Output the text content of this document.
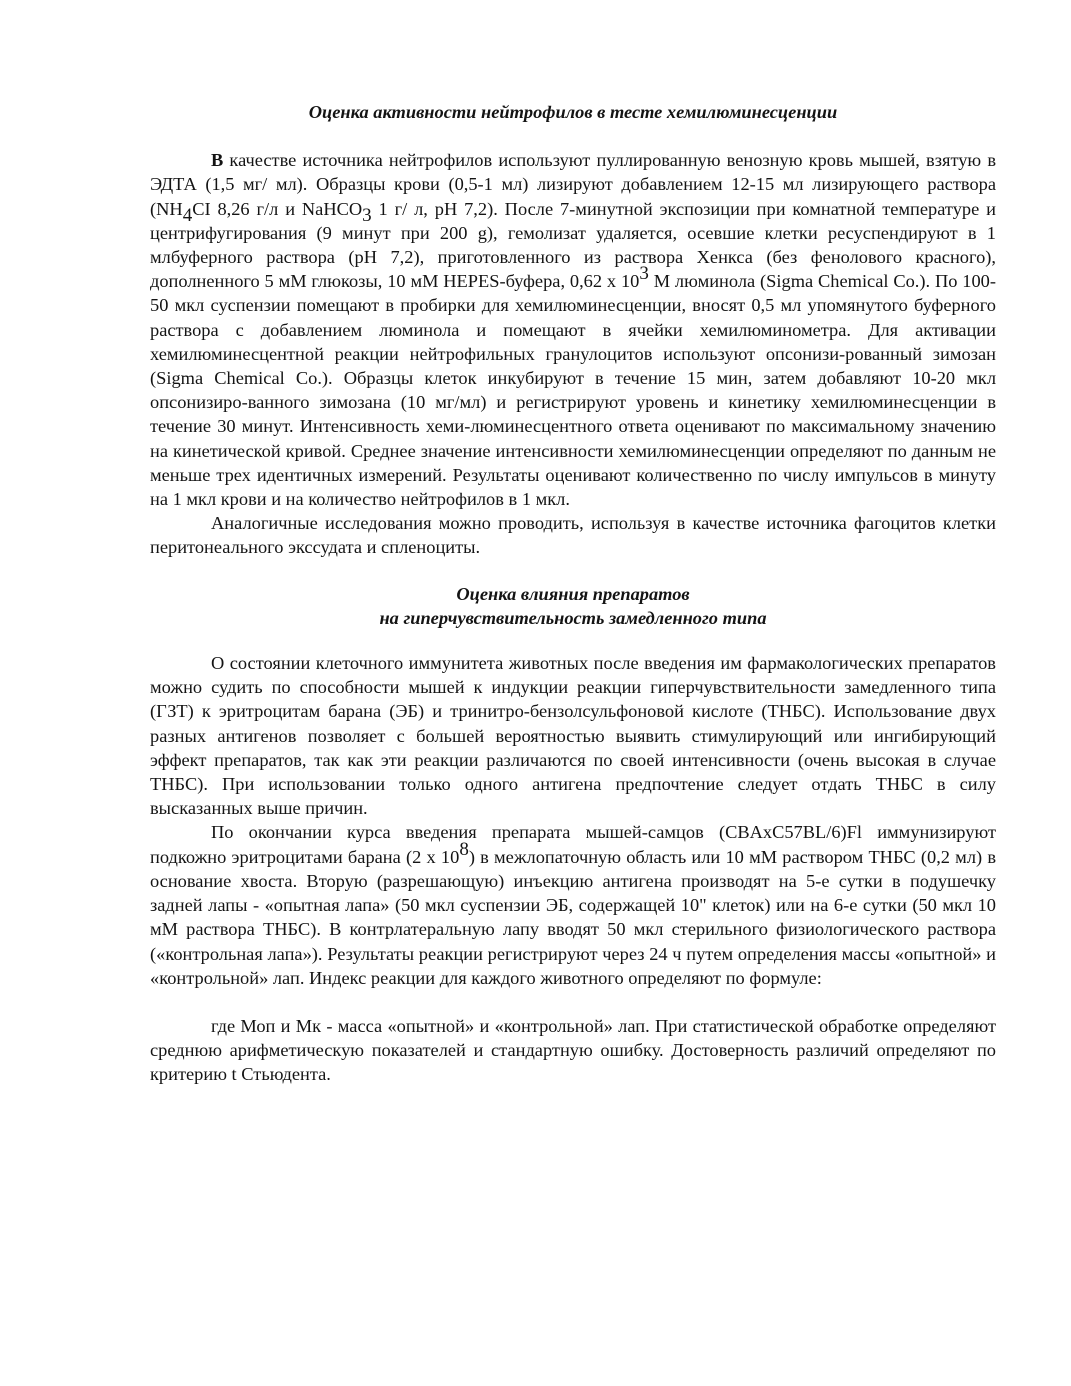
Оценка активности нейтрофилов в тесте хемилюминесценции

В качестве источника нейтрофилов используют пуллированную венозную кровь мышей, взятую в ЭДТА (1,5 мг/ мл). Образцы крови (0,5-1 мл) лизируют добавлением 12-15 мл лизирующего раствора ($NH_4CI$ 8,26 г/л и NaHCO$_3$ 1 г/ л, pH 7,2). После 7-минутной экспозиции при комнатной температуре и центрифугирования (9 минут при 200 g), гемолизат удаляется, осевшие клетки ресуспендируют в 1 млбуферного раствора (pH 7,2), приготовленного из раствора Хенкса (без фенолового красного), дополненного 5 мМ глюкозы, 10 мМ HEPES-буфера, 0,62 х $10^3$ М люминола (Sigma Chemical Co.). По 100-50 мкл суспензии помещают в пробирки для хемилюминесценции, вносят 0,5 мл упомянутого буферного раствора с добавлением люминола и помещают в ячейки хемилюминометра. Для активации хемилюминесцентной реакции нейтрофильных гранулоцитов используют опсонизи-рованный зимозан (Sigma Chemical Co.). Образцы клеток инкубируют в течение 15 мин, затем добавляют 10-20 мкл опсонизиро-ванного зимозана (10 мг/мл) и регистрируют уровень и кинетику хемилюминесценции в течение 30 минут. Интенсивность хеми-люминесцентного ответа оценивают по максимальному значению на кинетической кривой. Среднее значение интенсивности хемилюминесценции определяют по данным не меньше трех идентичных измерений. Результаты оценивают количественно по числу импульсов в минуту на 1 мкл крови и на количество нейтрофилов в 1 мкл.

Аналогичные исследования можно проводить, используя в качестве источника фагоцитов клетки перитонеального экссудата и спленоциты.

Оценка влияния препаратов
на гиперчувствительность замедленного типа

О состоянии клеточного иммунитета животных после введения им фармакологических препаратов можно судить по способности мышей к индукции реакции гиперчувствительности замедленного типа (ГЗТ) к эритроцитам барана (ЭБ) и тринитро-бензолсульфоновой кислоте (ТНБС). Использование двух разных антигенов позволяет с большей вероятностью выявить стимулирующий или ингибирующий эффект препаратов, так как эти реакции различаются по своей интенсивности (очень высокая в случае ТНБС). При использовании только одного антигена предпочтение следует отдать ТНБС в силу высказанных выше причин.

По окончании курса введения препарата мышей-самцов (CBAxC57BL/6)Fl иммунизируют подкожно эритроцитами барана (2 х $10^8$) в межлопаточную область или 10 мМ раствором ТНБС (0,2 мл) в основание хвоста. Вторую (разрешающую) инъекцию антигена производят на 5-е сутки в подушечку задней лапы - «опытная лапа» (50 мкл суспензии ЭБ, содержащей 10" клеток) или на 6-е сутки (50 мкл 10 мМ раствора ТНБС). В контрлатеральную лапу вводят 50 мкл стерильного физиологического раствора («контрольная лапа»). Результаты реакции регистрируют через 24 ч путем определения массы «опытной» и «контрольной» лап. Индекс реакции для каждого животного определяют по формуле:

где Моп и Мк - масса «опытной» и «контрольной» лап. При статистической обработке определяют среднюю арифметическую показателей и стандартную ошибку. Достоверность различий определяют по критерию t Стьюдента.
